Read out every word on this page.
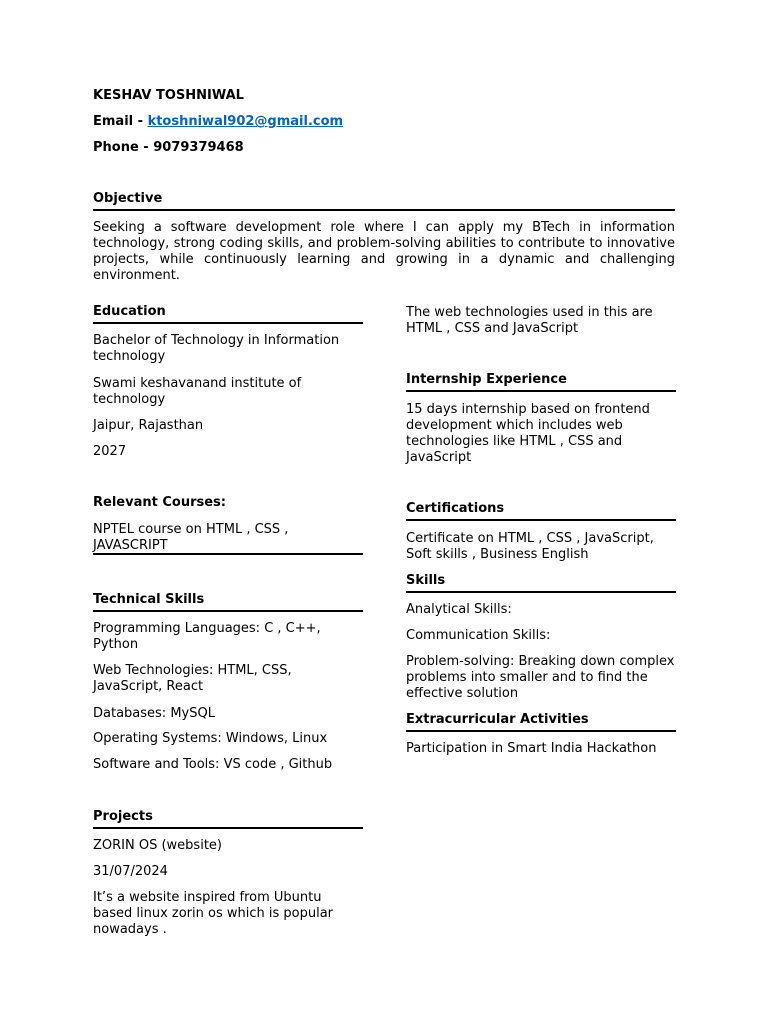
KESHAV TOSHNIWAL
Email - ktoshniwal902@gmail.com
Phone - 9079379468
Objective
Seeking a software development role where I can apply my BTech in information technology, strong coding skills, and problem-solving abilities to contribute to innovative projects, while continuously learning and growing in a dynamic and challenging environment.
Education
Bachelor of Technology in Information technology
Swami keshavanand institute of technology
Jaipur, Rajasthan
2027
Relevant Courses:
NPTEL course on HTML , CSS , JAVASCRIPT
Technical Skills
Programming Languages: C , C++, Python
Web Technologies: HTML, CSS, JavaScript, React
Databases: MySQL
Operating Systems: Windows, Linux
Software and Tools: VS code , Github
Projects
ZORIN OS (website)
31/07/2024
It’s a website inspired from Ubuntu based linux zorin os which is popular nowadays .
The web technologies used in this are HTML , CSS and JavaScript
Internship Experience
15 days internship based on frontend development which includes web technologies like HTML , CSS and JavaScript
Certifications
Certificate on HTML , CSS , JavaScript, Soft skills , Business English
Skills
Analytical Skills:
Communication Skills:
Problem-solving: Breaking down complex problems into smaller and to find the effective solution
Extracurricular Activities
Participation in Smart India Hackathon
